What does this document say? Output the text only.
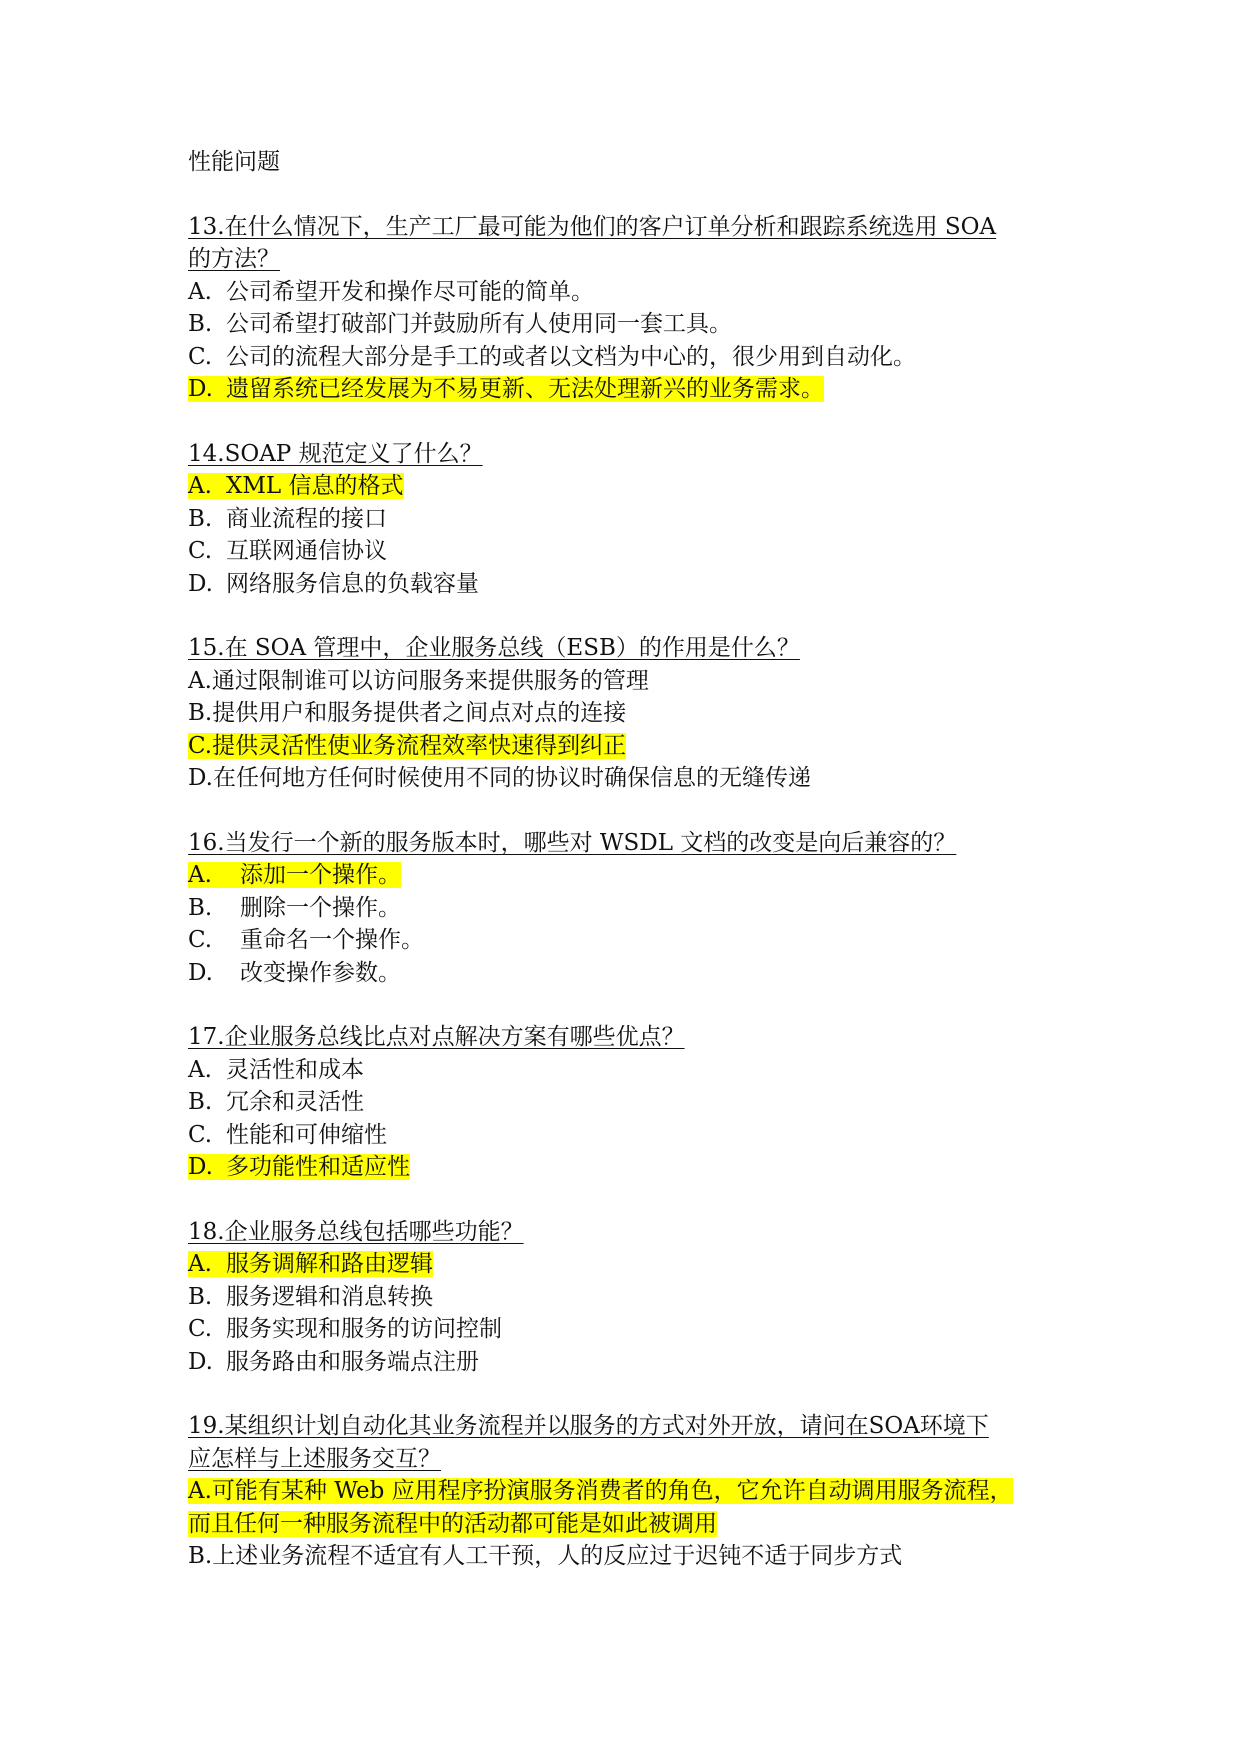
性能问题

13.在什么情况下，生产工厂最可能为他们的客户订单分析和跟踪系统选用 SOA

的方法？

A. 公司希望开发和操作尽可能的简单。

B. 公司希望打破部门并鼓励所有人使用同一套工具。

C. 公司的流程大部分是手工的或者以文档为中心的，很少用到自动化。

D. 遗留系统已经发展为不易更新、无法处理新兴的业务需求。

14.SOAP 规范定义了什么？

A. XML 信息的格式

B. 商业流程的接口

C. 互联网通信协议

D. 网络服务信息的负载容量

15.在 SOA 管理中，企业服务总线（ESB）的作用是什么？

A.通过限制谁可以访问服务来提供服务的管理

B.提供用户和服务提供者之间点对点的连接

C.提供灵活性使业务流程效率快速得到纠正

D.在任何地方任何时候使用不同的协议时确保信息的无缝传递

16.当发行一个新的服务版本时，哪些对 WSDL 文档的改变是向后兼容的？

A. 添加一个操作。

B. 删除一个操作。

C. 重命名一个操作。

D. 改变操作参数。

17.企业服务总线比点对点解决方案有哪些优点？

A. 灵活性和成本

B. 冗余和灵活性

C. 性能和可伸缩性

D. 多功能性和适应性

18.企业服务总线包括哪些功能？

A. 服务调解和路由逻辑

B. 服务逻辑和消息转换

C. 服务实现和服务的访问控制

D. 服务路由和服务端点注册

19.某组织计划自动化其业务流程并以服务的方式对外开放，请问在SOA环境下

应怎样与上述服务交互？

A.可能有某种 Web 应用程序扮演服务消费者的角色，它允许自动调用服务流程，

而且任何一种服务流程中的活动都可能是如此被调用

B.上述业务流程不适宜有人工干预，人的反应过于迟钝不适于同步方式
